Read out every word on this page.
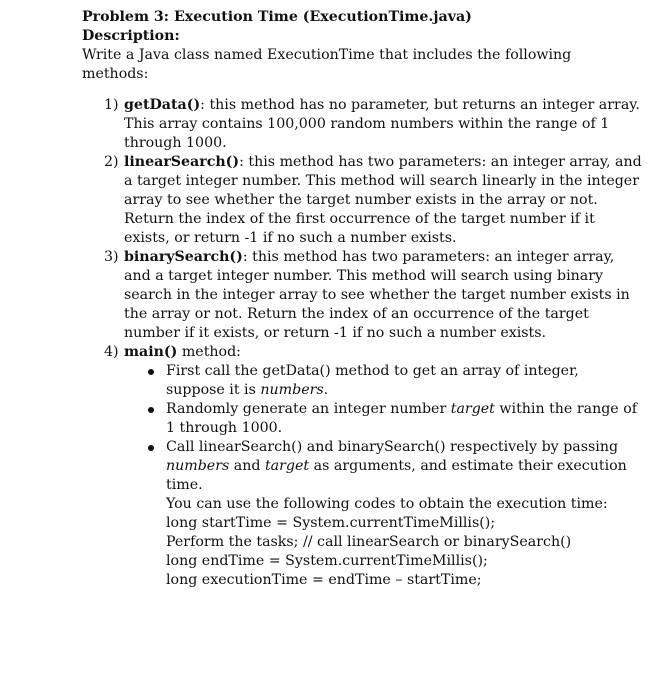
Problem 3: Execution Time (ExecutionTime.java)

Description:

Write a Java class named ExecutionTime that includes the following methods:

1) getData(): this method has no parameter, but returns an integer array. This array contains 100,000 random numbers within the range of 1 through 1000.
2) linearSearch(): this method has two parameters: an integer array, and a target integer number. This method will search linearly in the integer array to see whether the target number exists in the array or not. Return the index of the first occurrence of the target number if it exists, or return -1 if no such a number exists.
3) binarySearch(): this method has two parameters: an integer array, and a target integer number. This method will search using binary search in the integer array to see whether the target number exists in the array or not. Return the index of an occurrence of the target number if it exists, or return -1 if no such a number exists.
4) main() method:
First call the getData() method to get an array of integer, suppose it is numbers.
Randomly generate an integer number target within the range of 1 through 1000.
Call linearSearch() and binarySearch() respectively by passing numbers and target as arguments, and estimate their execution time.
You can use the following codes to obtain the execution time:
long startTime = System.currentTimeMillis();
Perform the tasks; // call linearSearch or binarySearch()
long endTime = System.currentTimeMillis();
long executionTime = endTime – startTime;
